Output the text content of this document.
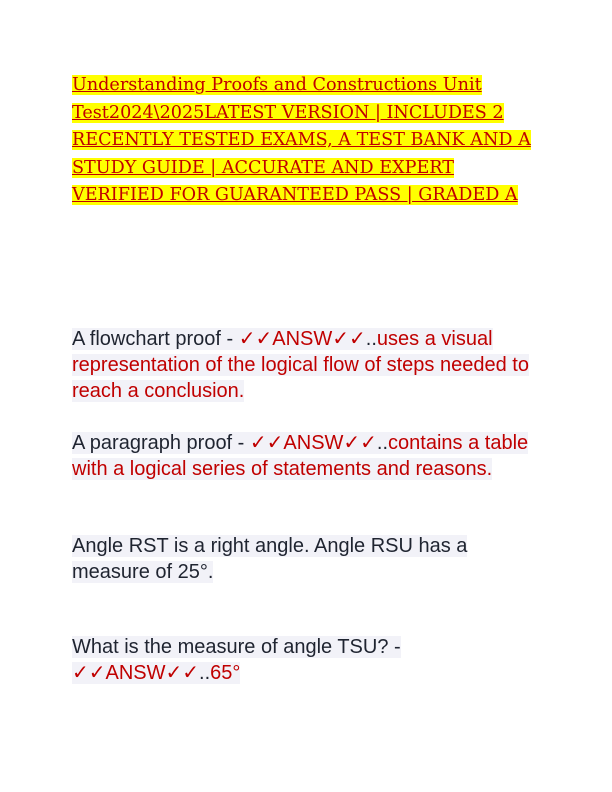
Understanding Proofs and Constructions Unit Test2024\2025LATEST VERSION | INCLUDES 2 RECENTLY TESTED EXAMS, A TEST BANK AND A STUDY GUIDE | ACCURATE AND EXPERT VERIFIED FOR GUARANTEED PASS | GRADED A

A flowchart proof - ✓✓ANSW✓✓..uses a visual representation of the logical flow of steps needed to reach a conclusion.

A paragraph proof - ✓✓ANSW✓✓..contains a table with a logical series of statements and reasons.

Angle RST is a right angle. Angle RSU has a measure of 25°.

What is the measure of angle TSU? - ✓✓ANSW✓✓..65°
